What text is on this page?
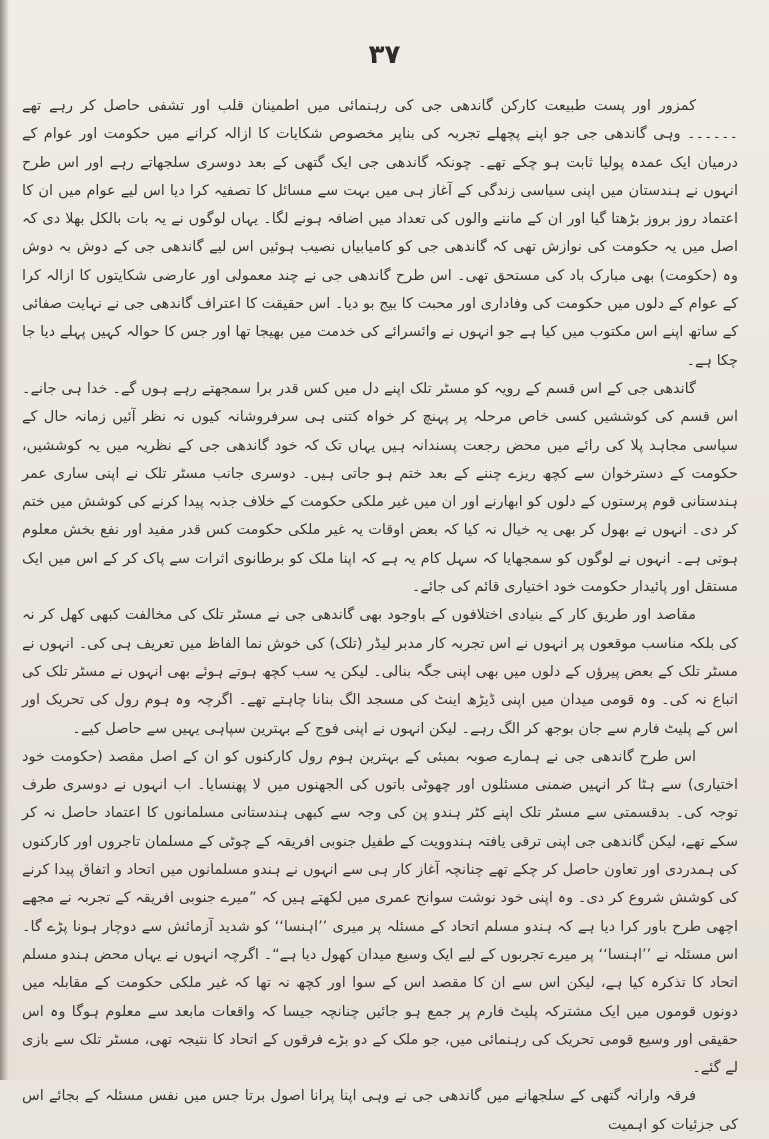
۳۷

کمزور اور پست طبیعت کارکن گاندھی جی کی رہنمائی میں اطمینان قلب اور تشفی حاصل کر رہے تھے ۔۔۔۔۔۔ وہی گاندھی جی جو اپنے پچھلے تجربہ کی بناپر مخصوص شکایات کا ازالہ کرانے میں حکومت اور عوام کے درمیان ایک عمدہ پولیا ثابت ہو چکے تھے۔ چونکہ گاندھی جی ایک گتھی کے بعد دوسری سلجھاتے رہے اور اس طرح انہوں نے ہندستان میں اپنی سیاسی زندگی کے آغاز ہی میں بہت سے مسائل کا تصفیہ کرا دیا اس لیے عوام میں ان کا اعتماد روز بروز بڑھتا گیا اور ان کے ماننے والوں کی تعداد میں اضافہ ہونے لگا۔ یہاں لوگوں نے یہ بات بالکل بھلا دی کہ اصل میں یہ حکومت کی نوازش تھی کہ گاندھی جی کو کامیابیاں نصیب ہوئیں اس لیے گاندھی جی کے دوش بہ دوش وہ (حکومت) بھی مبارک باد کی مستحق تھی۔ اس طرح گاندھی جی نے چند معمولی اور عارضی شکایتوں کا ازالہ کرا کے عوام کے دلوں میں حکومت کی وفاداری اور محبت کا بیج بو دیا۔ اس حقیقت کا اعتراف گاندھی جی نے نہایت صفائی کے ساتھ اپنے اس مکتوب میں کیا ہے جو انہوں نے وائسرائے کی خدمت میں بھیجا تھا اور جس کا حوالہ کہیں پہلے دیا جا چکا ہے۔

گاندھی جی کے اس قسم کے رویہ کو مسٹر تلک اپنے دل میں کس قدر برا سمجھتے رہے ہوں گے۔ خدا ہی جانے۔ اس قسم کی کوششیں کسی خاص مرحلہ پر پہنچ کر خواہ کتنی ہی سرفروشانہ کیوں نہ نظر آئیں زمانہ حال کے سیاسی مجاہد پلا کی رائے میں محض رجعت پسندانہ ہیں یہاں تک کہ خود گاندھی جی کے نظریہ میں یہ کوششیں، حکومت کے دسترخوان سے کچھ ریزے چننے کے بعد ختم ہو جاتی ہیں۔ دوسری جانب مسٹر تلک نے اپنی ساری عمر ہندستانی قوم پرستوں کے دلوں کو ابھارنے اور ان میں غیر ملکی حکومت کے خلاف جذبہ پیدا کرنے کی کوشش میں ختم کر دی۔ انہوں نے بھول کر بھی یہ خیال نہ کیا کہ بعض اوقات یہ غیر ملکی حکومت کس قدر مفید اور نفع بخش معلوم ہوتی ہے۔ انہوں نے لوگوں کو سمجھایا کہ سہل کام یہ ہے کہ اپنا ملک کو برطانوی اثرات سے پاک کر کے اس میں ایک مستقل اور پائیدار حکومت خود اختیاری قائم کی جائے۔

مقاصد اور طریق کار کے بنیادی اختلافوں کے باوجود بھی گاندھی جی نے مسٹر تلک کی مخالفت کبھی کھل کر نہ کی بلکہ مناسب موقعوں پر انہوں نے اس تجربہ کار مدبر لیڈر (تلک) کی خوش نما الفاظ میں تعریف ہی کی۔ انہوں نے مسٹر تلک کے بعض پیرؤں کے دلوں میں بھی اپنی جگہ بنالی۔ لیکن یہ سب کچھ ہوتے ہوئے بھی انہوں نے مسٹر تلک کی اتباع نہ کی۔ وہ قومی میدان میں اپنی ڈیڑھ اینٹ کی مسجد الگ بنانا چاہتے تھے۔ اگرچہ وہ ہوم رول کی تحریک اور اس کے پلیٹ فارم سے جان بوجھ کر الگ رہے۔ لیکن انہوں نے اپنی فوج کے بہترین سپاہی یہیں سے حاصل کیے۔

اس طرح گاندھی جی نے ہمارے صوبہ بمبئی کے بہترین ہوم رول کارکنوں کو ان کے اصل مقصد (حکومت خود اختیاری) سے ہٹا کر انہیں ضمنی مسئلوں اور چھوٹی باتوں کی الجھنوں میں لا پھنسایا۔ اب انہوں نے دوسری طرف توجہ کی۔ بدقسمتی سے مسٹر تلک اپنے کٹر ہندو پن کی وجہ سے کبھی ہندستانی مسلمانوں کا اعتماد حاصل نہ کر سکے تھے، لیکن گاندھی جی اپنی ترقی یافتہ ہندوویت کے طفیل جنوبی افریقہ کے چوٹی کے مسلمان تاجروں اور کارکنوں کی ہمدردی اور تعاون حاصل کر چکے تھے چنانچہ آغاز کار ہی سے انہوں نے ہندو مسلمانوں میں اتحاد و اتفاق پیدا کرنے کی کوشش شروع کر دی۔ وہ اپنی خود نوشت سوانح عمری میں لکھتے ہیں کہ ”میرے جنوبی افریقہ کے تجربہ نے مجھے اچھی طرح باور کرا دیا ہے کہ ہندو مسلم اتحاد کے مسئلہ پر میری ’’اہنسا‘‘ کو شدید آزمائش سے دوچار ہونا پڑے گا۔ اس مسئلہ نے ’’اہنسا‘‘ پر میرے تجربوں کے لیے ایک وسیع میدان کھول دیا ہے“۔ اگرچہ انہوں نے یہاں محض ہندو مسلم اتحاد کا تذکرہ کیا ہے، لیکن اس سے ان کا مقصد اس کے سوا اور کچھ نہ تھا کہ غیر ملکی حکومت کے مقابلہ میں دونوں قوموں میں ایک مشترکہ پلیٹ فارم پر جمع ہو جائیں چنانچہ جیسا کہ واقعات مابعد سے معلوم ہوگا وہ اس حقیقی اور وسیع قومی تحریک کی رہنمائی میں، جو ملک کے دو بڑے فرقوں کے اتحاد کا نتیجہ تھی، مسٹر تلک سے بازی لے گئے۔

فرقہ وارانہ گتھی کے سلجھانے میں گاندھی جی نے وہی اپنا پرانا اصول برتا جس میں نفس مسئلہ کے بجائے اس کی جزئیات کو اہمیت
